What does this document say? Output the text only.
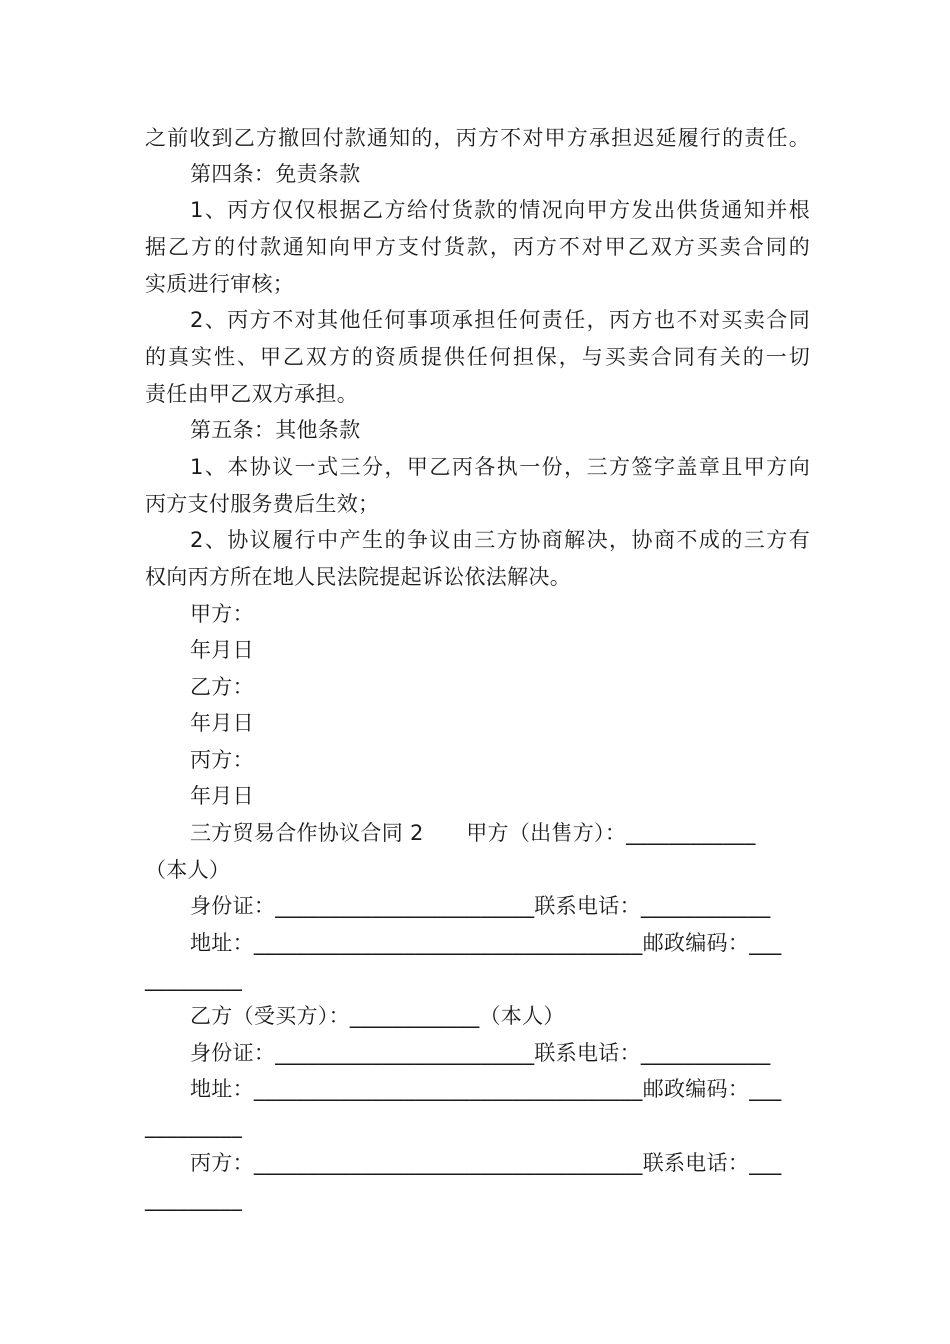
之前收到乙方撤回付款通知的，丙方不对甲方承担迟延履行的责任。
第四条：免责条款
1、丙方仅仅根据乙方给付货款的情况向甲方发出供货通知并根
据乙方的付款通知向甲方支付货款，丙方不对甲乙双方买卖合同的
实质进行审核；
2、丙方不对其他任何事项承担任何责任，丙方也不对买卖合同
的真实性、甲乙双方的资质提供任何担保，与买卖合同有关的一切
责任由甲乙双方承担。
第五条：其他条款
1、本协议一式三分，甲乙丙各执一份，三方签字盖章且甲方向
丙方支付服务费后生效；
2、协议履行中产生的争议由三方协商解决，协商不成的三方有
权向丙方所在地人民法院提起诉讼依法解决。
甲方：
年月日
乙方：
年月日
丙方：
年月日
三方贸易合作协议合同 2　　甲方（出售方）：____________
（本人）
身份证：________________________联系电话：____________
地址：____________________________________邮政编码：___
_________
乙方（受买方）：____________（本人）
身份证：________________________联系电话：____________
地址：____________________________________邮政编码：___
_________
丙方：____________________________________联系电话：___
_________
